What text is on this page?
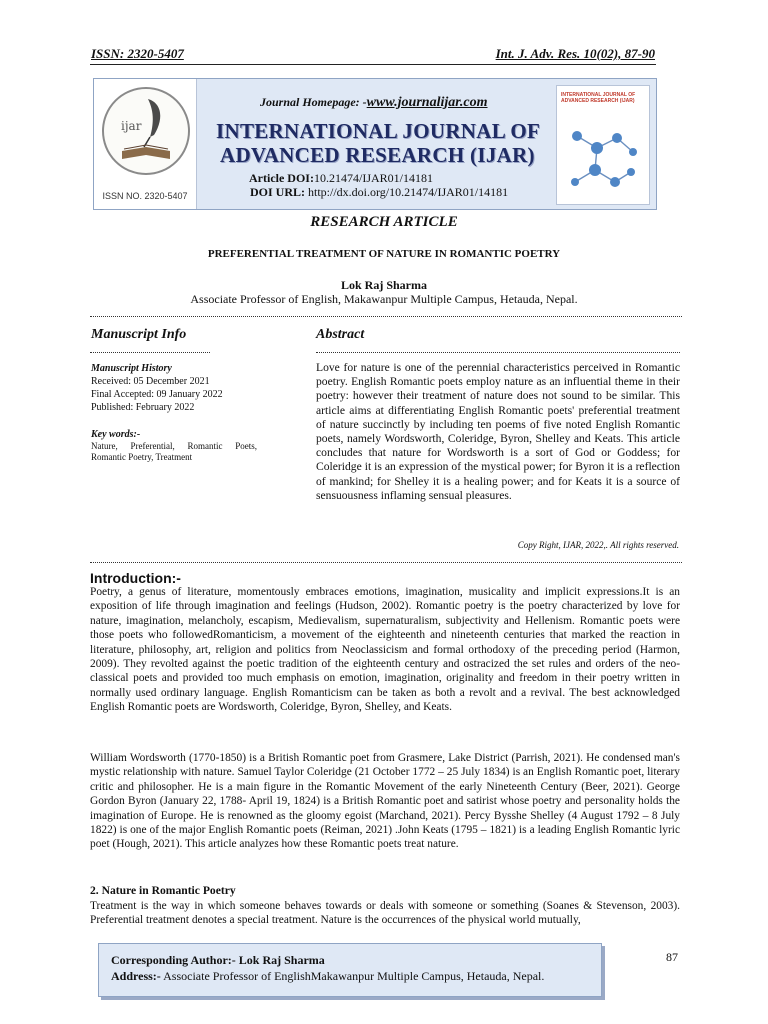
ISSN: 2320-5407	Int. J. Adv. Res. 10(02), 87-90
ijar
ISSN NO. 2320-5407
Journal Homepage: -www.journalijar.com
INTERNATIONAL JOURNAL OF
ADVANCED RESEARCH (IJAR)
Article DOI:10.21474/IJAR01/14181
DOI URL: http://dx.doi.org/10.21474/IJAR01/14181
INTERNATIONAL JOURNAL OF ADVANCED RESEARCH (IJAR)
RESEARCH ARTICLE
PREFERENTIAL TREATMENT OF NATURE IN ROMANTIC POETRY
Lok Raj Sharma
Associate Professor of English, Makawanpur Multiple Campus, Hetauda, Nepal.
Manuscript Info
Manuscript History
Received: 05 December 2021
Final Accepted: 09 January 2022
Published: February 2022
Key words:-
Nature, Preferential, Romantic Poets, Romantic Poetry, Treatment
Abstract
Love for nature is one of the perennial characteristics perceived in Romantic poetry. English Romantic poets employ nature as an influential theme in their poetry: however their treatment of nature does not sound to be similar. This article aims at differentiating English Romantic poets' preferential treatment of nature succinctly by including ten poems of five noted English Romantic poets, namely Wordsworth, Coleridge, Byron, Shelley and Keats. This article concludes that nature for Wordsworth is a sort of God or Goddess; for Coleridge it is an expression of the mystical power; for Byron it is a reflection of mankind; for Shelley it is a healing power; and for Keats it is a source of sensuousness inflaming sensual pleasures.
Copy Right, IJAR, 2022,. All rights reserved.
Introduction:-
Poetry, a genus of literature, momentously embraces emotions, imagination, musicality and implicit expressions.It is an exposition of life through imagination and feelings (Hudson, 2002). Romantic poetry is the poetry characterized by love for nature, imagination, melancholy, escapism, Medievalism, supernaturalism, subjectivity and Hellenism. Romantic poets were those poets who followedRomanticism, a movement of the eighteenth and nineteenth centuries that marked the reaction in literature, philosophy, art, religion and politics from Neoclassicism and formal orthodoxy of the preceding period (Harmon, 2009). They revolted against the poetic tradition of the eighteenth century and ostracized the set rules and orders of the neo-classical poets and provided too much emphasis on emotion, imagination, originality and freedom in their poetry written in normally used ordinary language. English Romanticism can be taken as both a revolt and a revival. The best acknowledged English Romantic poets are Wordsworth, Coleridge, Byron, Shelley, and Keats.
William Wordsworth (1770-1850) is a British Romantic poet from Grasmere, Lake District (Parrish, 2021). He condensed man's mystic relationship with nature. Samuel Taylor Coleridge (21 October 1772 – 25 July 1834) is an English Romantic poet, literary critic and philosopher. He is a main figure in the Romantic Movement of the early Nineteenth Century (Beer, 2021). George Gordon Byron (January 22, 1788- April 19, 1824) is a British Romantic poet and satirist whose poetry and personality holds the imagination of Europe. He is renowned as the gloomy egoist (Marchand, 2021). Percy Bysshe Shelley (4 August 1792 – 8 July 1822) is one of the major English Romantic poets (Reiman, 2021) .John Keats (1795 – 1821) is a leading English Romantic lyric poet (Hough, 2021). This article analyzes how these Romantic poets treat nature.
2. Nature in Romantic Poetry
Treatment is the way in which someone behaves towards or deals with someone or something (Soanes & Stevenson, 2003). Preferential treatment denotes a special treatment. Nature is the occurrences of the physical world mutually,
Corresponding Author:- Lok Raj Sharma
Address:- Associate Professor of EnglishMakawanpur Multiple Campus, Hetauda, Nepal.
87
